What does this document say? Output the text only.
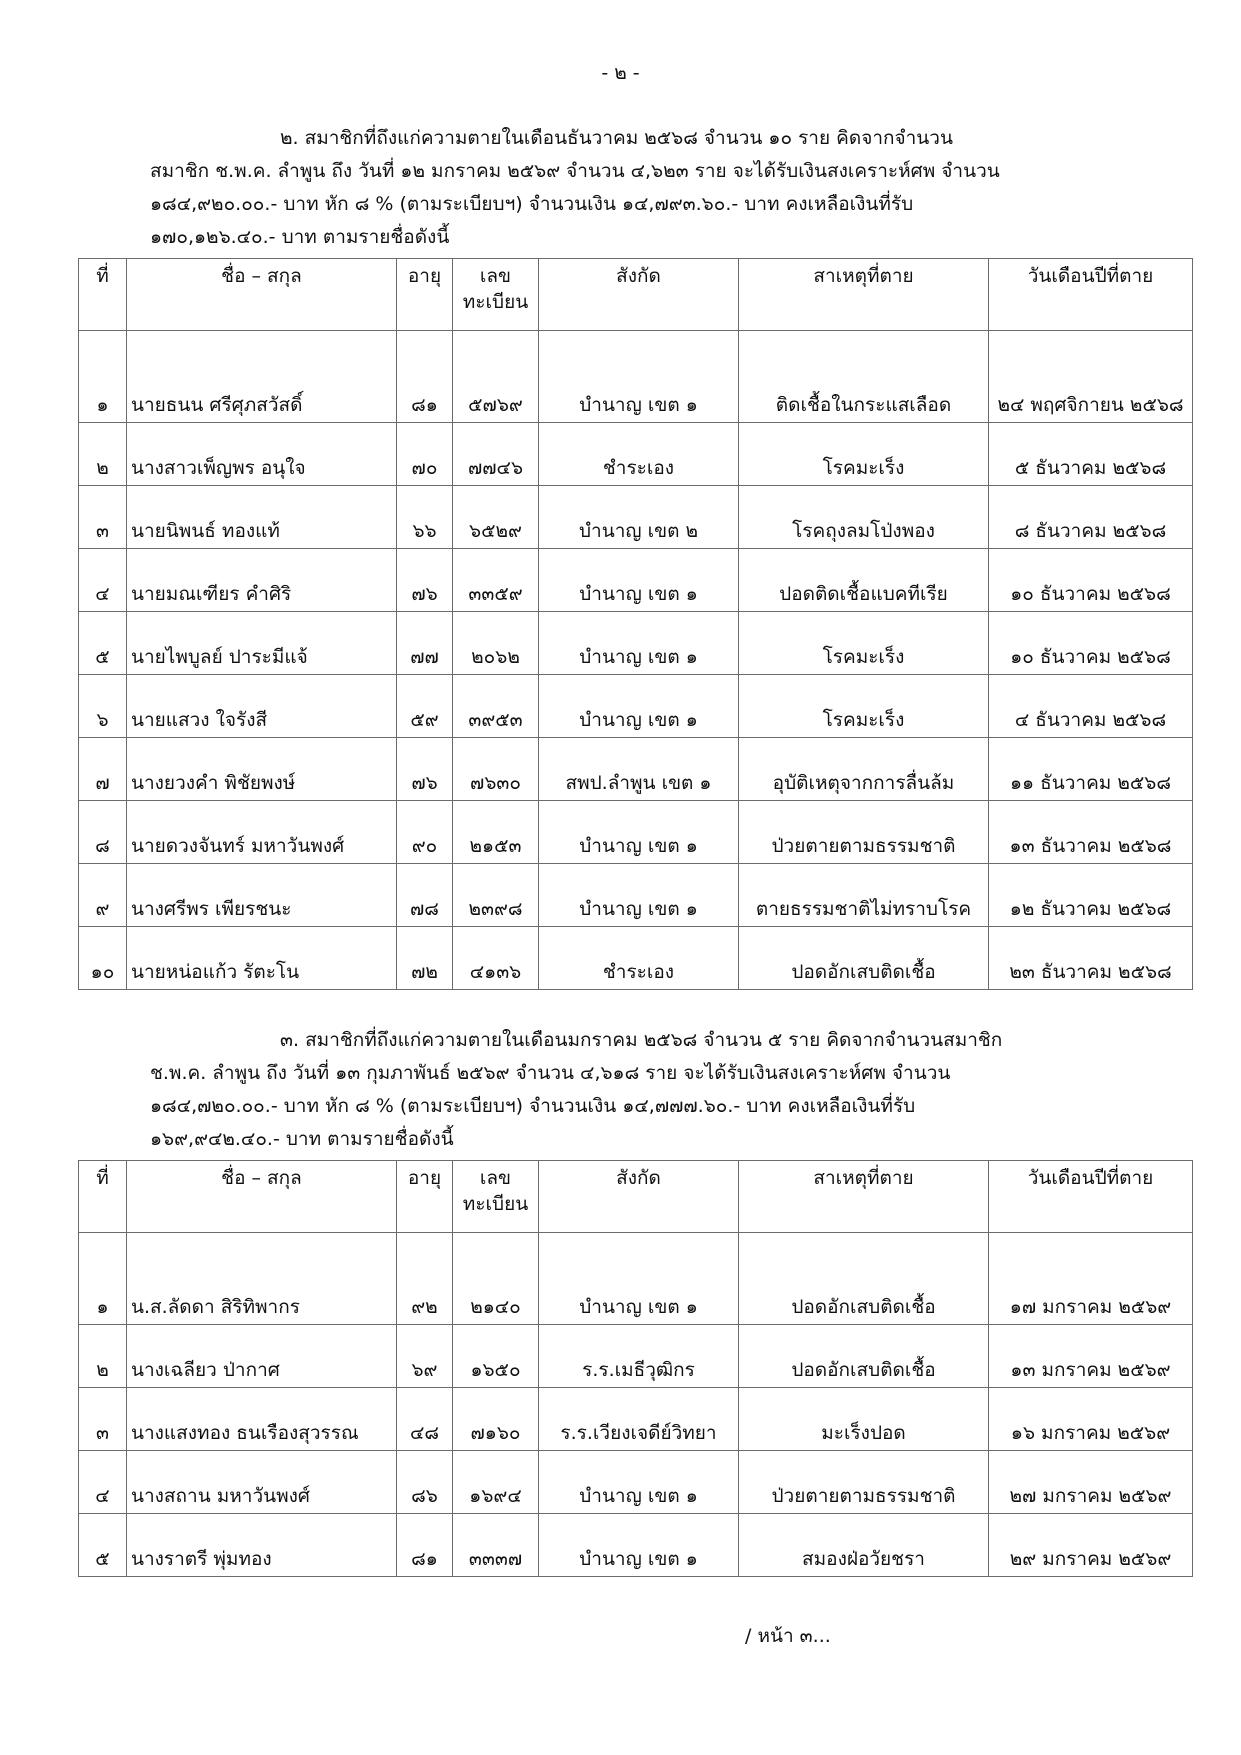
- ๒ -
๒. สมาชิกที่ถึงแก่ความตายในเดือนธันวาคม ๒๕๖๘ จำนวน ๑๐ ราย คิดจากจำนวน
สมาชิก ช.พ.ค. ลำพูน ถึง วันที่ ๑๒ มกราคม ๒๕๖๙ จำนวน ๔,๖๒๓ ราย จะได้รับเงินสงเคราะห์ศพ จำนวน
๑๘๔,๙๒๐.๐๐.- บาท หัก ๘ % (ตามระเบียบฯ) จำนวนเงิน ๑๔,๗๙๓.๖๐.- บาท คงเหลือเงินที่รับ
๑๗๐,๑๒๖.๔๐.- บาท ตามรายชื่อดังนี้
ที่	ชื่อ – สกุล	อายุ	เลข
ทะเบียน	สังกัด	สาเหตุที่ตาย	วันเดือนปีที่ตาย
๑	นายธนน ศรีศุภสวัสดิ์	๘๑	๕๗๖๙	บำนาญ เขต ๑	ติดเชื้อในกระแสเลือด	๒๔ พฤศจิกายน ๒๕๖๘
๒	นางสาวเพ็ญพร อนุใจ	๗๐	๗๗๔๖	ชำระเอง	โรคมะเร็ง	๕ ธันวาคม ๒๕๖๘
๓	นายนิพนธ์ ทองแท้	๖๖	๖๕๒๙	บำนาญ เขต ๒	โรคถุงลมโป่งพอง	๘ ธันวาคม ๒๕๖๘
๔	นายมณเฑียร คำศิริ	๗๖	๓๓๕๙	บำนาญ เขต ๑	ปอดติดเชื้อแบคทีเรีย	๑๐ ธันวาคม ๒๕๖๘
๕	นายไพบูลย์ ปาระมีแจ้	๗๗	๒๐๖๒	บำนาญ เขต ๑	โรคมะเร็ง	๑๐ ธันวาคม ๒๕๖๘
๖	นายแสวง ใจรังสี	๕๙	๓๙๕๓	บำนาญ เขต ๑	โรคมะเร็ง	๔ ธันวาคม ๒๕๖๘
๗	นางยวงคำ พิชัยพงษ์	๗๖	๗๖๓๐	สพป.ลำพูน เขต ๑	อุบัติเหตุจากการลื่นล้ม	๑๑ ธันวาคม ๒๕๖๘
๘	นายดวงจันทร์ มหาวันพงศ์	๙๐	๒๑๕๓	บำนาญ เขต ๑	ป่วยตายตามธรรมชาติ	๑๓ ธันวาคม ๒๕๖๘
๙	นางศรีพร เพียรชนะ	๗๘	๒๓๙๘	บำนาญ เขต ๑	ตายธรรมชาติไม่ทราบโรค	๑๒ ธันวาคม ๒๕๖๘
๑๐	นายหน่อแก้ว รัตะโน	๗๒	๔๑๓๖	ชำระเอง	ปอดอักเสบติดเชื้อ	๒๓ ธันวาคม ๒๕๖๘
๓. สมาชิกที่ถึงแก่ความตายในเดือนมกราคม ๒๕๖๘ จำนวน ๕ ราย คิดจากจำนวนสมาชิก
ช.พ.ค. ลำพูน ถึง วันที่ ๑๓ กุมภาพันธ์ ๒๕๖๙ จำนวน ๔,๖๑๘ ราย จะได้รับเงินสงเคราะห์ศพ จำนวน
๑๘๔,๗๒๐.๐๐.- บาท หัก ๘ % (ตามระเบียบฯ) จำนวนเงิน ๑๔,๗๗๗.๖๐.- บาท คงเหลือเงินที่รับ
๑๖๙,๙๔๒.๔๐.- บาท ตามรายชื่อดังนี้
ที่	ชื่อ – สกุล	อายุ	เลข
ทะเบียน	สังกัด	สาเหตุที่ตาย	วันเดือนปีที่ตาย
๑	น.ส.ลัดดา สิริทิพากร	๙๒	๒๑๔๐	บำนาญ เขต ๑	ปอดอักเสบติดเชื้อ	๑๗ มกราคม ๒๕๖๙
๒	นางเฉลียว ป่ากาศ	๖๙	๑๖๕๐	ร.ร.เมธีวุฒิกร	ปอดอักเสบติดเชื้อ	๑๓ มกราคม ๒๕๖๙
๓	นางแสงทอง ธนเรืองสุวรรณ	๔๘	๗๑๖๐	ร.ร.เวียงเจดีย์วิทยา	มะเร็งปอด	๑๖ มกราคม ๒๕๖๙
๔	นางสถาน มหาวันพงศ์	๘๖	๑๖๙๔	บำนาญ เขต ๑	ป่วยตายตามธรรมชาติ	๒๗ มกราคม ๒๕๖๙
๕	นางราตรี พุ่มทอง	๘๑	๓๓๓๗	บำนาญ เขต ๑	สมองฝ่อวัยชรา	๒๙ มกราคม ๒๕๖๙
/ หน้า ๓...
